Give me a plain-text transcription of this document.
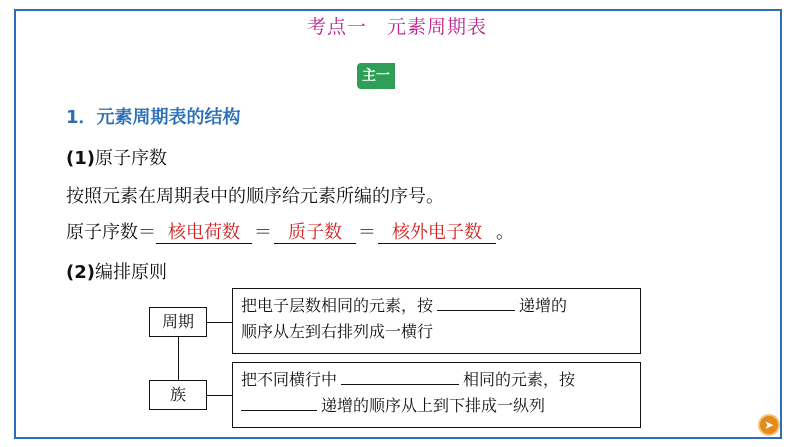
考点一　元素周期表
主一
1．元素周期表的结构
(1)原子序数
按照元素在周期表中的顺序给元素所编的序号。
原子序数＝ 核电荷数 ＝ 质子数 ＝ 核外电子数 。
(2)编排原则
周期
族
把电子层数相同的元素，按	递增的
顺序从左到右排列成一横行
把不同横行中	相同的元素，按
递增的顺序从上到下排成一纵列
➤
